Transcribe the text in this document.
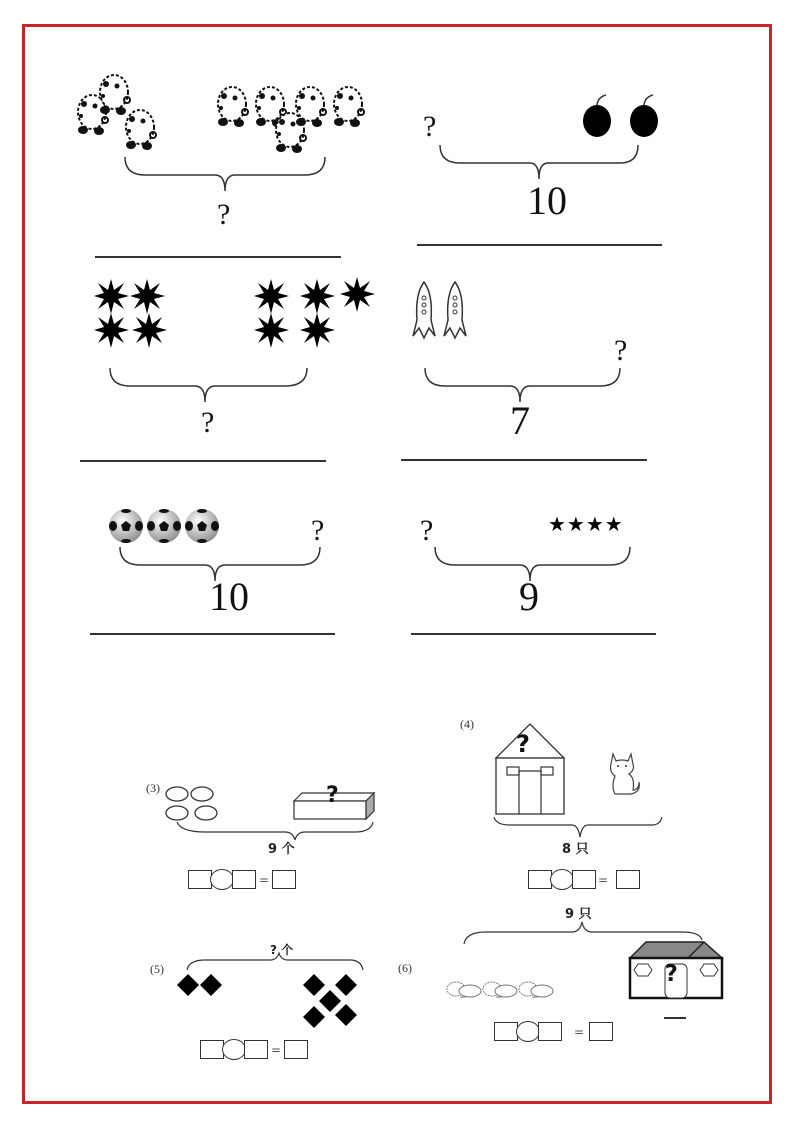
?
?
10
?
?
7
?
10
?	★★★★
9
(3)	?
9 个
=
(4)
?
8 只
=
? 个
(5)
=
9 只
(6)	?
=
